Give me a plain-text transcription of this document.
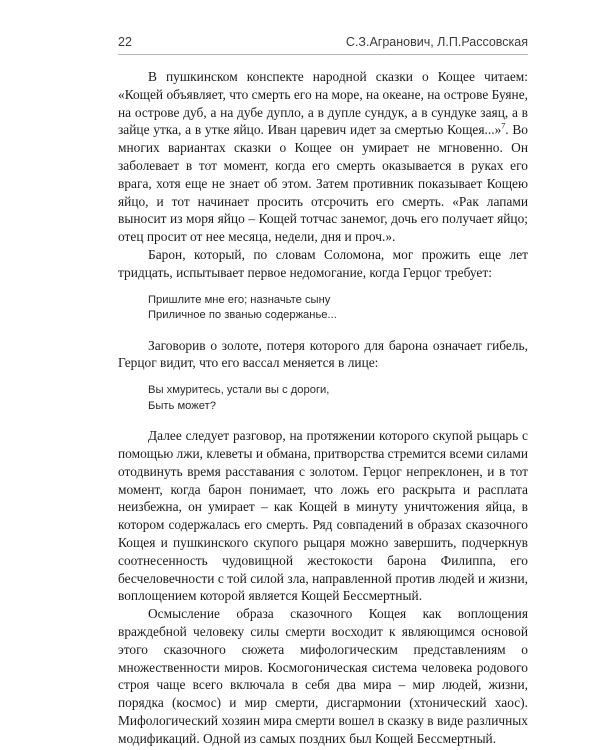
22	С.З.Агранович, Л.П.Рассовская

В пушкинском конспекте народной сказки о Кощее читаем: «Кощей объявляет, что смерть его на море, на океане, на острове Буяне, на острове дуб, а на дубе дупло, а в дупле сундук, а в сундуке заяц, а в зайце утка, а в утке яйцо. Иван царевич идет за смертью Кощея...»$^7$. Во многих вариантах сказки о Кощее он умирает не мгновенно. Он заболевает в тот момент, когда его смерть оказывается в руках его врага, хотя еще не знает об этом. Затем противник показывает Кощею яйцо, и тот начинает просить отсрочить его смерть. «Рак лапами выносит из моря яйцо – Кощей тотчас занемог, дочь его получает яйцо; отец просит от нее месяца, недели, дня и проч.».

Барон, который, по словам Соломона, мог прожить еще лет тридцать, испытывает первое недомогание, когда Герцог требует:

Пришлите мне его; назначьте сыну
Приличное по званью содержанье...

Заговорив о золоте, потеря которого для барона означает гибель, Герцог видит, что его вассал меняется в лице:

Вы хмуритесь, устали вы с дороги,
Быть может?

Далее следует разговор, на протяжении которого скупой рыцарь с помощью лжи, клеветы и обмана, притворства стремится всеми силами отодвинуть время расставания с золотом. Герцог непреклонен, и в тот момент, когда барон понимает, что ложь его раскрыта и расплата неизбежна, он умирает – как Кощей в минуту уничтожения яйца, в котором содержалась его смерть. Ряд совпадений в образах сказочного Кощея и пушкинского скупого рыцаря можно завершить, подчеркнув соотнесенность чудовищной жестокости барона Филиппа, его бесчеловечности с той силой зла, направленной против людей и жизни, воплощением которой является Кощей Бессмертный.

Осмысление образа сказочного Кощея как воплощения враждебной человеку силы смерти восходит к являющимся основой этого сказочного сюжета мифологическим представлениям о множественности миров. Космогоническая система человека родового строя чаще всего включала в себя два мира – мир людей, жизни, порядка (космос) и мир смерти, дисгармонии (хтонический хаос). Мифологический хозяин мира смерти вошел в сказку в виде различных модификаций. Одной из самых поздних был Кощей Бессмертный.
